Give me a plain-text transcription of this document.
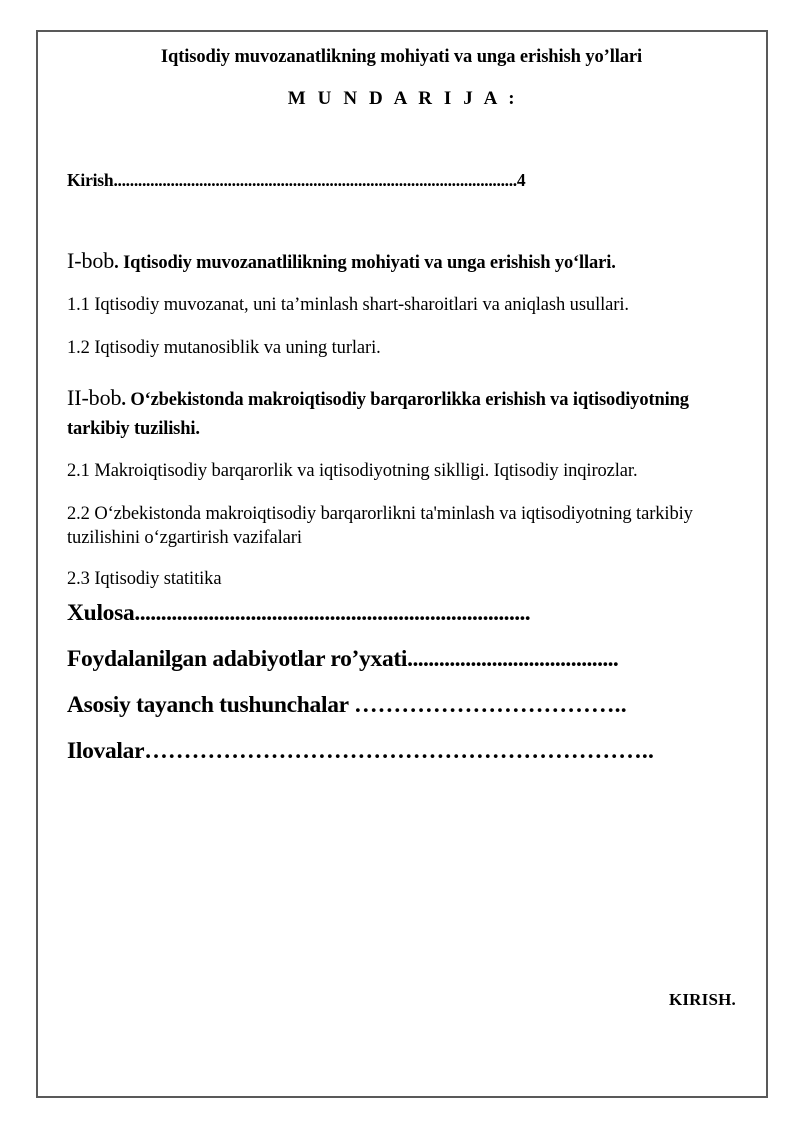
Iqtisodiy muvozanatlikning mohiyati va unga erishish yo’llari
M U N D A R I J A :
Kirish...................................................................................................4
I-bob. Iqtisodiy muvozanatlilikning mohiyati va unga erishish yo‘llari.
1.1 Iqtisodiy muvozanat, uni ta’minlash shart-sharoitlari va aniqlash usullari.
1.2 Iqtisodiy mutanosiblik va uning turlari.
II-bob. O‘zbekistonda makroiqtisodiy barqarorlikka erishish va iqtisodiyotning tarkibiy tuzilishi.
2.1 Makroiqtisodiy barqarorlik va iqtisodiyotning siklligi. Iqtisodiy inqirozlar.
2.2 O‘zbekistonda makroiqtisodiy barqarorlikni ta'minlash va iqtisodiyotning tarkibiy tuzilishini o‘zgartirish vazifalari
2.3 Iqtisodiy statitika
Xulosa...........................................................................
Foydalanilgan adabiyotlar ro’yxati........................................
Asosiy tayanch tushunchalar ……………………………..
Ilovalar………………………………………………………..
KIRISH.
